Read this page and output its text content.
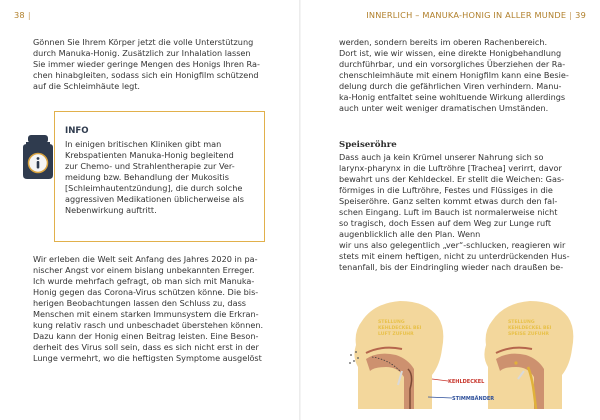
38 |	INNERLICH – MANUKA-HONIG IN ALLER MUNDE | 39

Gönnen Sie Ihrem Körper jetzt die volle Unterstützung

durch Manuka-Honig. Zusätzlich zur Inhalation lassen

Sie immer wieder geringe Mengen des Honigs Ihren Ra-

chen hinabgleiten, sodass sich ein Honigfilm schützend

auf die Schleimhäute legt.

INFO

In einigen britischen Kliniken gibt man

Krebspatienten Manuka-Honig begleitend

zur Chemo- und Strahlentherapie zur Ver-

meidung bzw. Behandlung der Mukositis

[Schleimhautentzündung], die durch solche

aggressiven Medikationen üblicherweise als

Nebenwirkung auftritt.

Wir erleben die Welt seit Anfang des Jahres 2020 in pa-

nischer Angst vor einem bislang unbekannten Erreger.

Ich wurde mehrfach gefragt, ob man sich mit Manuka-

Honig gegen das Corona-Virus schützen könne. Die bis-

herigen Beobachtungen lassen den Schluss zu, dass

Menschen mit einem starken Immunsystem die Erkran-

kung relativ rasch und unbeschadet überstehen können.

Dazu kann der Honig einen Beitrag leisten. Eine Beson-

derheit des Virus soll sein, dass es sich nicht erst in der

Lunge vermehrt, wo die heftigsten Symptome ausgelöst

werden, sondern bereits im oberen Rachenbereich.

Dort ist, wie wir wissen, eine direkte Honigbehandlung

durchführbar, und ein vorsorgliches Überziehen der Ra-

chenschleimhäute mit einem Honigfilm kann eine Besie-

delung durch die gefährlichen Viren verhindern. Manu-

ka-Honig entfaltet seine wohltuende Wirkung allerdings

auch unter weit weniger dramatischen Umständen.

Speiseröhre

Dass auch ja kein Krümel unserer Nahrung sich so

larynx-pharynx in die Luftröhre [Trachea] verirrt, davor

bewahrt uns der Kehldeckel. Er stellt die Weichen: Gas-

förmiges in die Luftröhre, Festes und Flüssiges in die

Speiseröhre. Ganz selten kommt etwas durch den fal-

schen Eingang. Luft im Bauch ist normalerweise nicht

so tragisch, doch Essen auf dem Weg zur Lunge ruft

augenblicklich alle den Plan. Wenn

wir uns also gelegentlich „ver“-schlucken, reagieren wir

stets mit einem heftigen, nicht zu unterdrückenden Hus-

tenanfall, bis der Eindringling wieder nach draußen be-

STELLUNG
KEHLDECKEL BEI
LUFT ZUFUHR
STELLUNG
KEHLDECKEL BEI
SPEISE ZUFUHR
KEHLDECKEL
STIMMBÄNDER
